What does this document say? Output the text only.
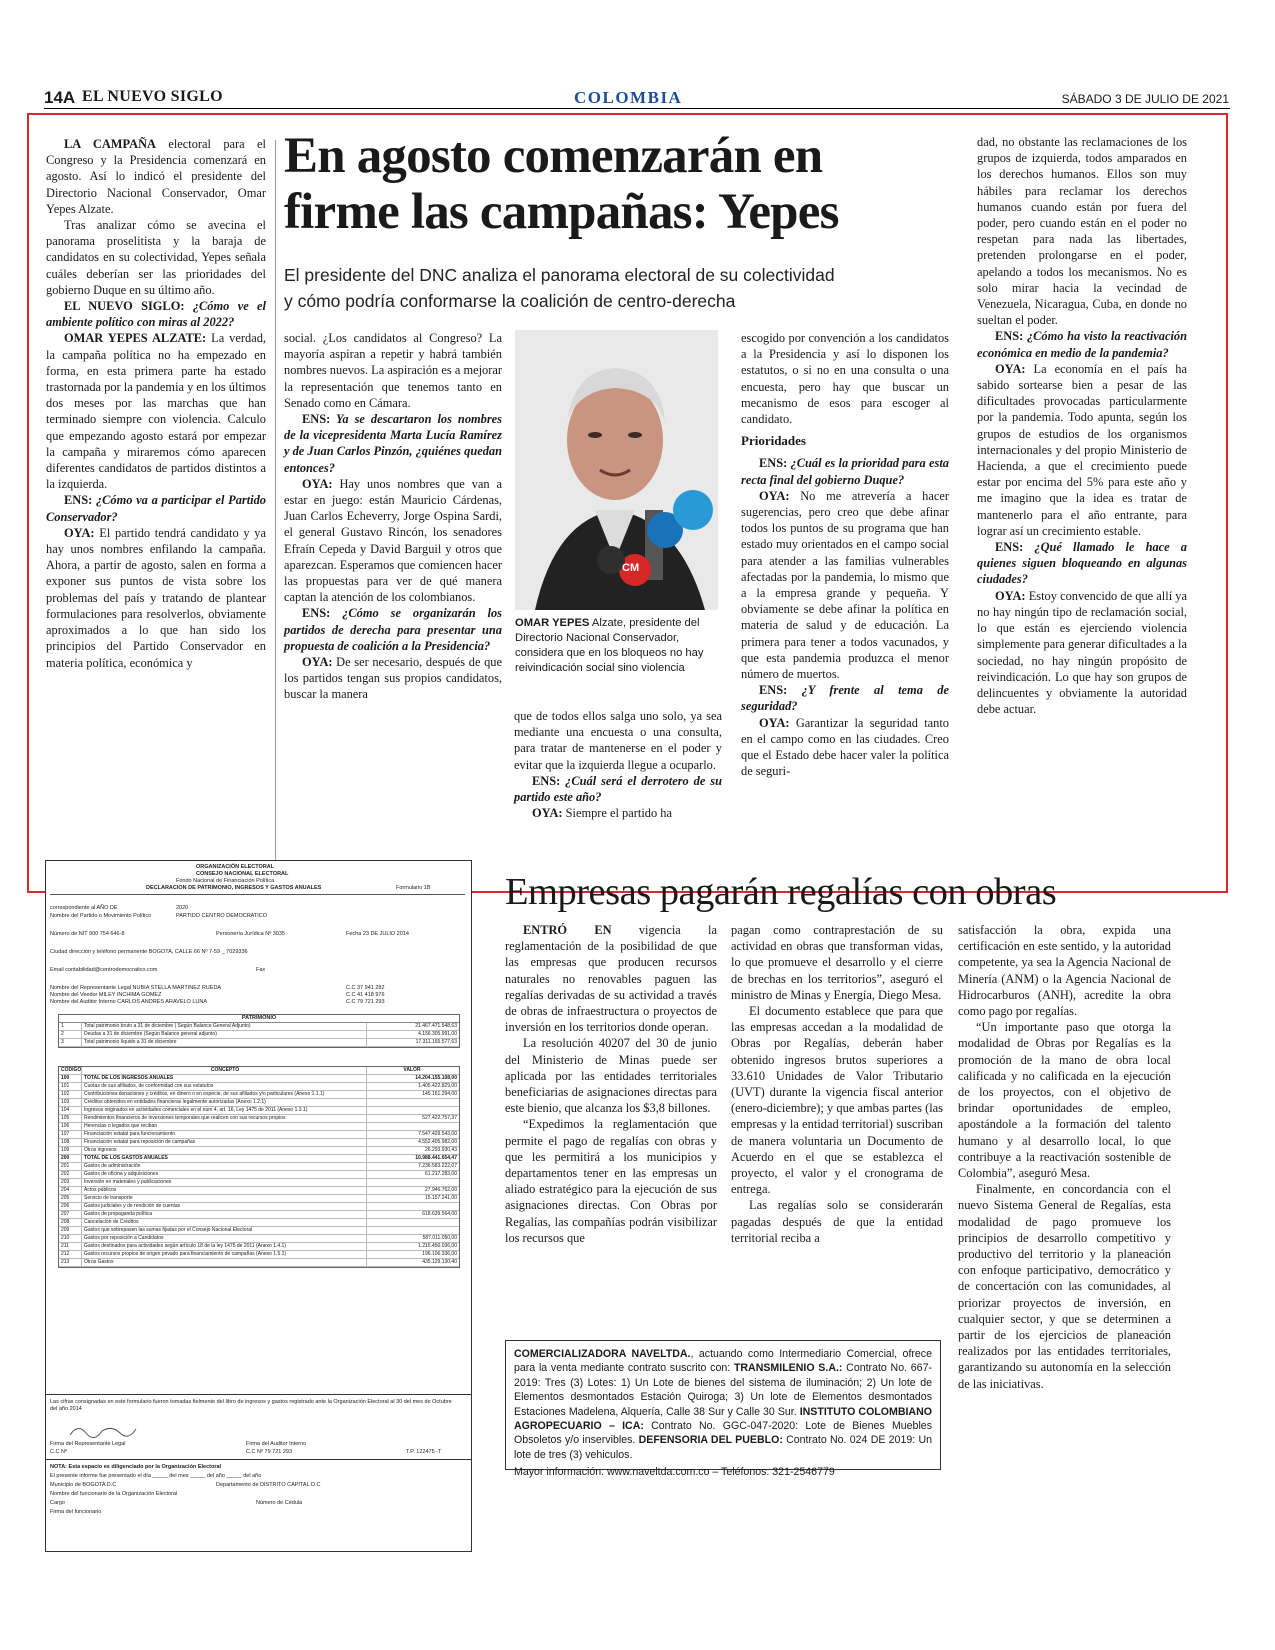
14A EL NUEVO SIGLO	COLOMBIA	SÁBADO 3 DE JULIO DE 2021

LA CAMPAÑA electoral para el Congreso y la Presidencia comenzará en agosto. Así lo indicó el presidente del Directorio Nacional Conservador, Omar Yepes Alzate.

Tras analizar cómo se avecina el panorama proselitista y la baraja de candidatos en su colectividad, Yepes señala cuáles deberían ser las prioridades del gobierno Duque en su último año.

EL NUEVO SIGLO: ¿Cómo ve el ambiente político con miras al 2022?

OMAR YEPES ALZATE: La verdad, la campaña política no ha empezado en forma, en esta primera parte ha estado trastornada por la pandemia y en los últimos dos meses por las marchas que han terminado siempre con violencia. Calculo que empezando agosto estará por empezar la campaña y miraremos cómo aparecen diferentes candidatos de partidos distintos a la izquierda.

ENS: ¿Cómo va a participar el Partido Conservador?

OYA: El partido tendrá candidato y ya hay unos nombres enfilando la campaña. Ahora, a partir de agosto, salen en forma a exponer sus puntos de vista sobre los problemas del país y tratando de plantear formulaciones para resolverlos, obviamente aproximados a lo que han sido los principios del Partido Conservador en materia política, económica y

En agosto comenzarán en
firme las campañas: Yepes
El presidente del DNC analiza el panorama electoral de su colectividad
y cómo podría conformarse la coalición de centro-derecha

social. ¿Los candidatos al Congreso? La mayoría aspiran a repetir y habrá también nombres nuevos. La aspiración es a mejorar la representación que tenemos tanto en Senado como en Cámara.

ENS: Ya se descartaron los nombres de la vicepresidenta Marta Lucía Ramírez y de Juan Carlos Pinzón, ¿quiénes quedan entonces?

OYA: Hay unos nombres que van a estar en juego: están Mauricio Cárdenas, Juan Carlos Echeverry, Jorge Ospina Sardi, el general Gustavo Rincón, los senadores Efraín Cepeda y David Barguil y otros que aparezcan. Esperamos que comiencen hacer las propuestas para ver de qué manera captan la atención de los colombianos.

ENS: ¿Cómo se organizarán los partidos de derecha para presentar una propuesta de coalición a la Presidencia?

OYA: De ser necesario, después de que los partidos tengan sus propios candidatos, buscar la manera

CM
OMAR YEPES Alzate, presidente del Directorio Nacional Conservador, considera que en los bloqueos no hay reivindicación social sino violencia

que de todos ellos salga uno solo, ya sea mediante una encuesta o una consulta, para tratar de mantenerse en el poder y evitar que la izquierda llegue a ocuparlo.

ENS: ¿Cuál será el derrotero de su partido este año?

OYA: Siempre el partido ha

escogido por convención a los candidatos a la Presidencia y así lo disponen los estatutos, o si no en una consulta o una encuesta, pero hay que buscar un mecanismo de esos para escoger al candidato.

Prioridades

ENS: ¿Cuál es la prioridad para esta recta final del gobierno Duque?

OYA: No me atrevería a hacer sugerencias, pero creo que debe afinar todos los puntos de su programa que han estado muy orientados en el campo social para atender a las familias vulnerables afectadas por la pandemia, lo mismo que a la empresa grande y pequeña. Y obviamente se debe afinar la política en materia de salud y de educación. La primera para tener a todos vacunados, y que esta pandemia produzca el menor número de muertos.

ENS: ¿Y frente al tema de seguridad?

OYA: Garantizar la seguridad tanto en el campo como en las ciudades. Creo que el Estado debe hacer valer la política de seguri-

dad, no obstante las reclamaciones de los grupos de izquierda, todos amparados en los derechos humanos. Ellos son muy hábiles para reclamar los derechos humanos cuando están por fuera del poder, pero cuando están en el poder no respetan para nada las libertades, pretenden prolongarse en el poder, apelando a todos los mecanismos. No es solo mirar hacia la vecindad de Venezuela, Nicaragua, Cuba, en donde no sueltan el poder.

ENS: ¿Cómo ha visto la reactivación económica en medio de la pandemia?

OYA: La economía en el país ha sabido sortearse bien a pesar de las dificultades provocadas particularmente por la pandemia. Todo apunta, según los grupos de estudios de los organismos internacionales y del propio Ministerio de Hacienda, a que el crecimiento puede estar por encima del 5% para este año y me imagino que la idea es tratar de mantenerlo para el año entrante, para lograr así un crecimiento estable.

ENS: ¿Qué llamado le hace a quienes siguen bloqueando en algunas ciudades?

OYA: Estoy convencido de que allí ya no hay ningún tipo de reclamación social, lo que están es ejerciendo violencia simplemente para generar dificultades a la sociedad, no hay ningún propósito de reivindicación. Lo que hay son grupos de delincuentes y obviamente la autoridad debe actuar.

ORGANIZACIÓN ELECTORAL
CONSEJO NACIONAL ELECTORAL
Fondo Nacional de Financiación Política
DECLARACION DE PATRIMONIO, INGRESOS Y GASTOS ANUALES	Formulario 1B
correspondiente al AÑO DE	2020
Nombre del Partido o Movimiento Político	PARTIDO CENTRO DEMOCRATICO
Número de NIT 900 754 646-8	Personería Jurídica Nº 3035	Fecha 23 DE JULIO 2014
Ciudad dirección y teléfono permanente BOGOTA, CALLE 66 Nº 7-59 _ 7029336
Email contabilidad@centrodemocratico.com	Fax
Nombre del Representante Legal NUBIA STELLA MARTINEZ RUEDA	C.C 37 941 282
Nombre del Veedor MILEY INCHIMA GOMEZ	C.C 41 418 976
Nombre del Auditor Interno CARLOS ANDRES ARAVELO LUNA	C.C 79 721 293
PATRIMONIO
1	Total patrimonio bruto a 31 de diciembre ( Según Balance General Adjunto)	21.467.471.548,63
2	Deudas a 31 de diciembre (Según Balance general adjunto)	4.156.305.991,00
3	Total patrimonio líquido a 31 de diciembre	17.311.165.577,63
CODIGO	CONCEPTO	VALOR
100	TOTAL DE LOS INGRESOS ANUALES	14.204.155.108,00
101	Cuotas de sus afiliados, de conformidad con sus estatutos	1.405.422.829,00
102	Contribuciones donaciones y créditos, en dinero o en especie, de sus afiliados y/o particulares (Anexo 1.1.1)	145.161.294,00
103	Créditos obtenidos en entidades financieras legalmente autorizadas (Anexo 1.2.1)
104	Ingresos originados en actividades comerciales en el num 4, art. 16, Ley 1475 de 2011 (Anexo 1.3.1)
105	Rendimientos financieros de inversiones temporales que realicen con sus recursos propios	527.422.757,37
106	Herencias o legados que reciban
107	Financiación estatal para funcionamiento	7.547.429.543,00
108	Financiación estatal para reposición de campañas	4.552.405.982,00
109	Otros ingresos	26.293.930,43
200	TOTAL DE LOS GASTOS ANUALES	10.988.441.654,47
201	Gastos de administración	7.236.583.222,07
202	Gastos de oficina y adquisiciones	61.217.283,00
203	Inversión en materiales y publicaciones
204	Actos públicos	27.946.762,00
205	Servicio de transporte	15.157.241,00
206	Gastos judiciales y de rendición de cuentas
207	Gastos de propaganda política	618.639.564,00
208	Cancelación de Créditos
209	Gastos que sobrepasen las sumas fijadas por el Consejo Nacional Electoral
210	Gastos por reposición a Candidatos	587.011.050,00
211	Gastos destinados para actividades según artículo 18 de la ley 1475 de 2011 (Anexo 1.4.1)	1.215.450.036,00
212	Gastos recursos propios de origen privado para financiamiento de campañas (Anexo 1.5.1)	196.106.336,00
213	Otros Gastos	435.129.130,40
Las cifras consignadas en este formulario fueron tomadas fielmente del libro de ingresos y gastos registrado ante la Organización Electoral al 30 del mes de Octubre del año 2014
Firma del Representante Legal
C.C Nº
Firma del Auditor Interno
C.C Nº 79 721 293	T.P. 122475 -T
NOTA: Esta espacio es diligenciado por la Organización Electoral
El presente informe fue presentado el día _____ del mes _____ del año _____ del año
Municipio de BOGOTA D.C	Departamento de DISTRITO CAPITAL D.C
Nombre del funcionario de la Organización Electoral
Cargo	Número de Cédula
Firma del funcionario
Empresas pagarán regalías con obras

ENTRÓ EN vigencia la reglamentación de la posibilidad de que las empresas que producen recursos naturales no renovables paguen las regalías derivadas de su actividad a través de obras de infraestructura o proyectos de inversión en los territorios donde operan.

La resolución 40207 del 30 de junio del Ministerio de Minas puede ser aplicada por las entidades territoriales beneficiarias de asignaciones directas para este bienio, que alcanza los $3,8 billones.

“Expedimos la reglamentación que permite el pago de regalías con obras y que les permitirá a los municipios y departamentos tener en las empresas un aliado estratégico para la ejecución de sus asignaciones directas. Con Obras por Regalías, las compañías podrán visibilizar los recursos que

pagan como contraprestación de su actividad en obras que transforman vidas, lo que promueve el desarrollo y el cierre de brechas en los territorios”, aseguró el ministro de Minas y Energía, Diego Mesa.

El documento establece que para que las empresas accedan a la modalidad de Obras por Regalías, deberán haber obtenido ingresos brutos superiores a 33.610 Unidades de Valor Tributario (UVT) durante la vigencia fiscal anterior (enero-diciembre); y que ambas partes (las empresas y la entidad territorial) suscriban de manera voluntaria un Documento de Acuerdo en el que se establezca el proyecto, el valor y el cronograma de entrega.

Las regalías solo se considerarán pagadas después de que la entidad territorial reciba a

satisfacción la obra, expida una certificación en este sentido, y la autoridad competente, ya sea la Agencia Nacional de Minería (ANM) o la Agencia Nacional de Hidrocarburos (ANH), acredite la obra como pago por regalías.

“Un importante paso que otorga la modalidad de Obras por Regalías es la promoción de la mano de obra local calificada y no calificada en la ejecución de los proyectos, con el objetivo de brindar oportunidades de empleo, apostándole a la formación del talento humano y al desarrollo local, lo que contribuye a la reactivación sostenible de Colombia”, aseguró Mesa.

Finalmente, en concordancia con el nuevo Sistema General de Regalías, esta modalidad de pago promueve los principios de desarrollo competitivo y productivo del territorio y la planeación con enfoque participativo, democrático y de concertación con las comunidades, al priorizar proyectos de inversión, en cualquier sector, y que se determinen a partir de los ejercicios de planeación realizados por las entidades territoriales, garantizando su autonomía en la selección de las iniciativas.

COMERCIALIZADORA NAVELTDA., actuando como Intermediario Comercial, ofrece para la venta mediante contrato suscrito con: TRANSMILENIO S.A.: Contrato No. 667- 2019: Tres (3) Lotes: 1) Un Lote de bienes del sistema de iluminación; 2) Un lote de Elementos desmontados Estación Quiroga; 3) Un lote de Elementos desmontados Estaciones Madelena, Alquería, Calle 38 Sur y Calle 30 Sur. INSTITUTO COLOMBIANO AGROPECUARIO – ICA: Contrato No. GGC-047-2020: Lote de Bienes Muebles Obsoletos y/o inservibles. DEFENSORIA DEL PUEBLO: Contrato No. 024 DE 2019: Un lote de tres (3) vehiculos.
Mayor información: www.naveltda.com.co – Teléfonos: 321-2546779
